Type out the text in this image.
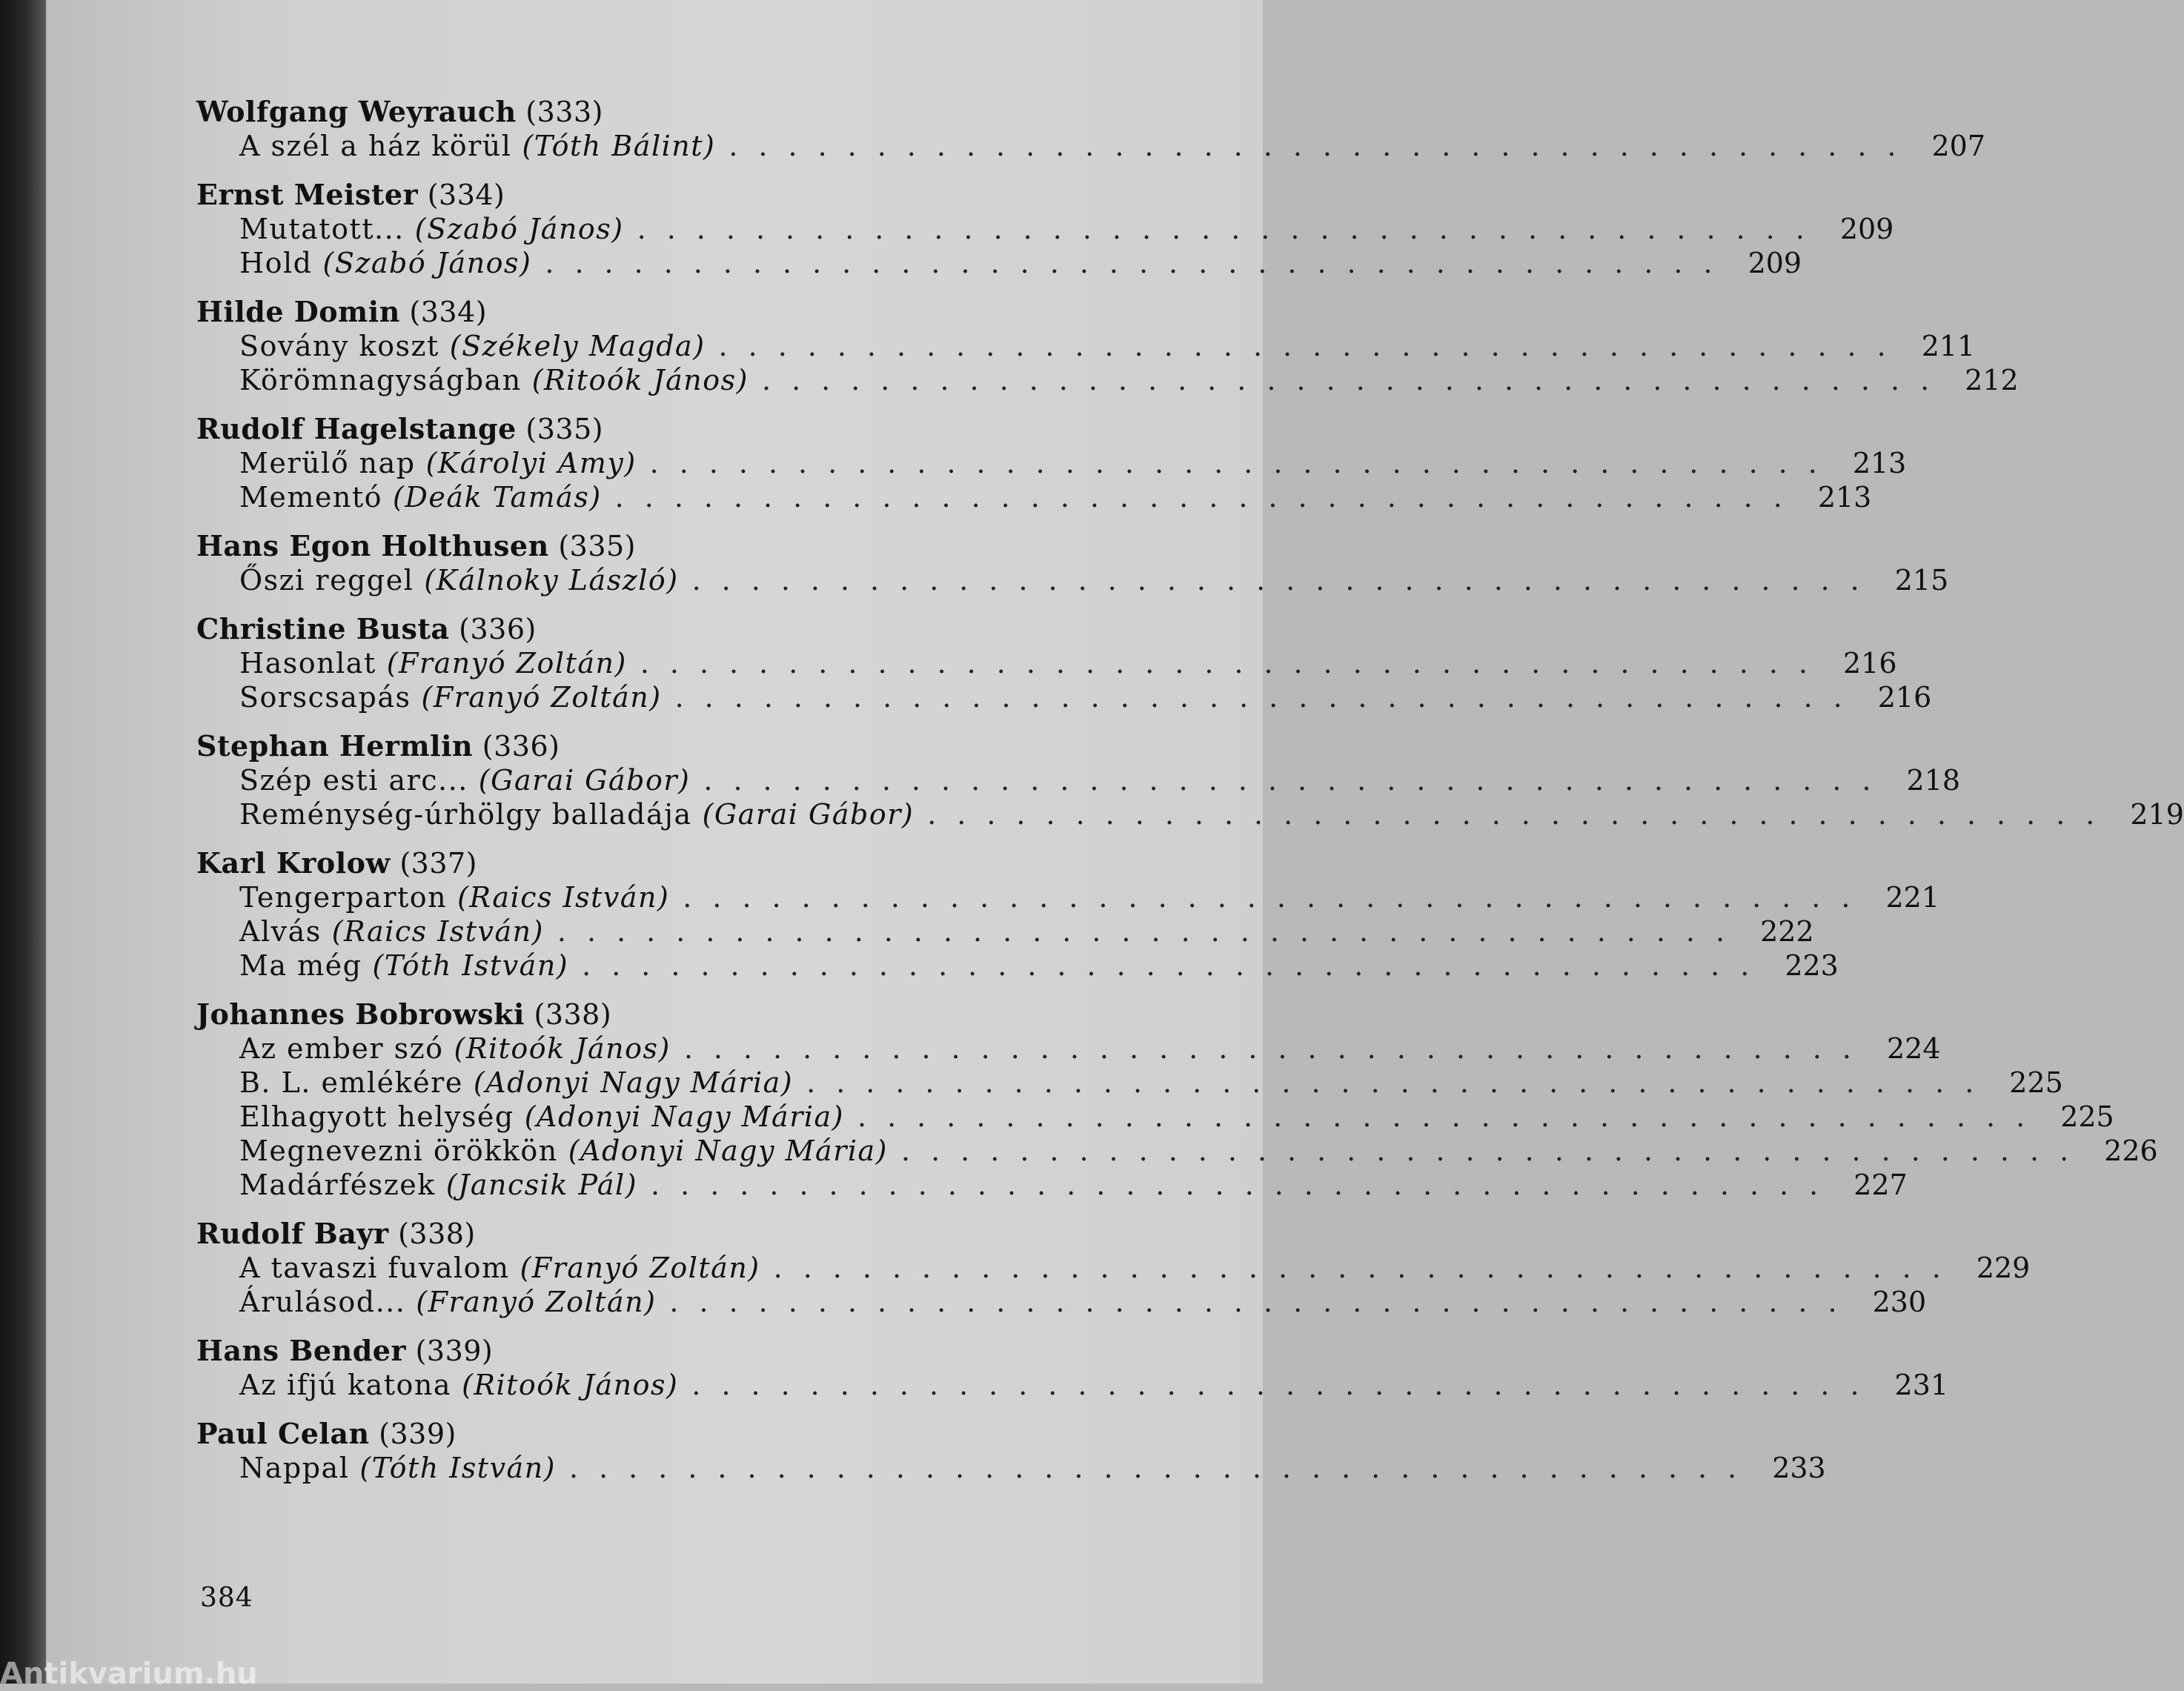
Wolfgang Weyrauch (333)
A szél a ház körül (Tóth Bálint) ........................................ 207
Ernst Meister (334)
Mutatott... (Szabó János) ........................................ 209
Hold (Szabó János) ........................................ 209
Hilde Domin (334)
Sovány koszt (Székely Magda) ........................................ 211
Körömnagyságban (Ritoók János) ........................................ 212
Rudolf Hagelstange (335)
Merülő nap (Károlyi Amy) ........................................ 213
Mementó (Deák Tamás) ........................................ 213
Hans Egon Holthusen (335)
Őszi reggel (Kálnoky László) ........................................ 215
Christine Busta (336)
Hasonlat (Franyó Zoltán) ........................................ 216
Sorscsapás (Franyó Zoltán) ........................................ 216
Stephan Hermlin (336)
Szép esti arc... (Garai Gábor) ........................................ 218
Reménység-úrhölgy balladája (Garai Gábor) ........................................ 219
Karl Krolow (337)
Tengerparton (Raics István) ........................................ 221
Alvás (Raics István) ........................................ 222
Ma még (Tóth István) ........................................ 223
Johannes Bobrowski (338)
Az ember szó (Ritoók János) ........................................ 224
B. L. emlékére (Adonyi Nagy Mária) ........................................ 225
Elhagyott helység (Adonyi Nagy Mária) ........................................ 225
Megnevezni örökkön (Adonyi Nagy Mária) ........................................ 226
Madárfészek (Jancsik Pál) ........................................ 227
Rudolf Bayr (338)
A tavaszi fuvalom (Franyó Zoltán) ........................................ 229
Árulásod... (Franyó Zoltán) ........................................ 230
Hans Bender (339)
Az ifjú katona (Ritoók János) ........................................ 231
Paul Celan (339)
Nappal (Tóth István) ........................................ 233
384
Antikvarium.hu
